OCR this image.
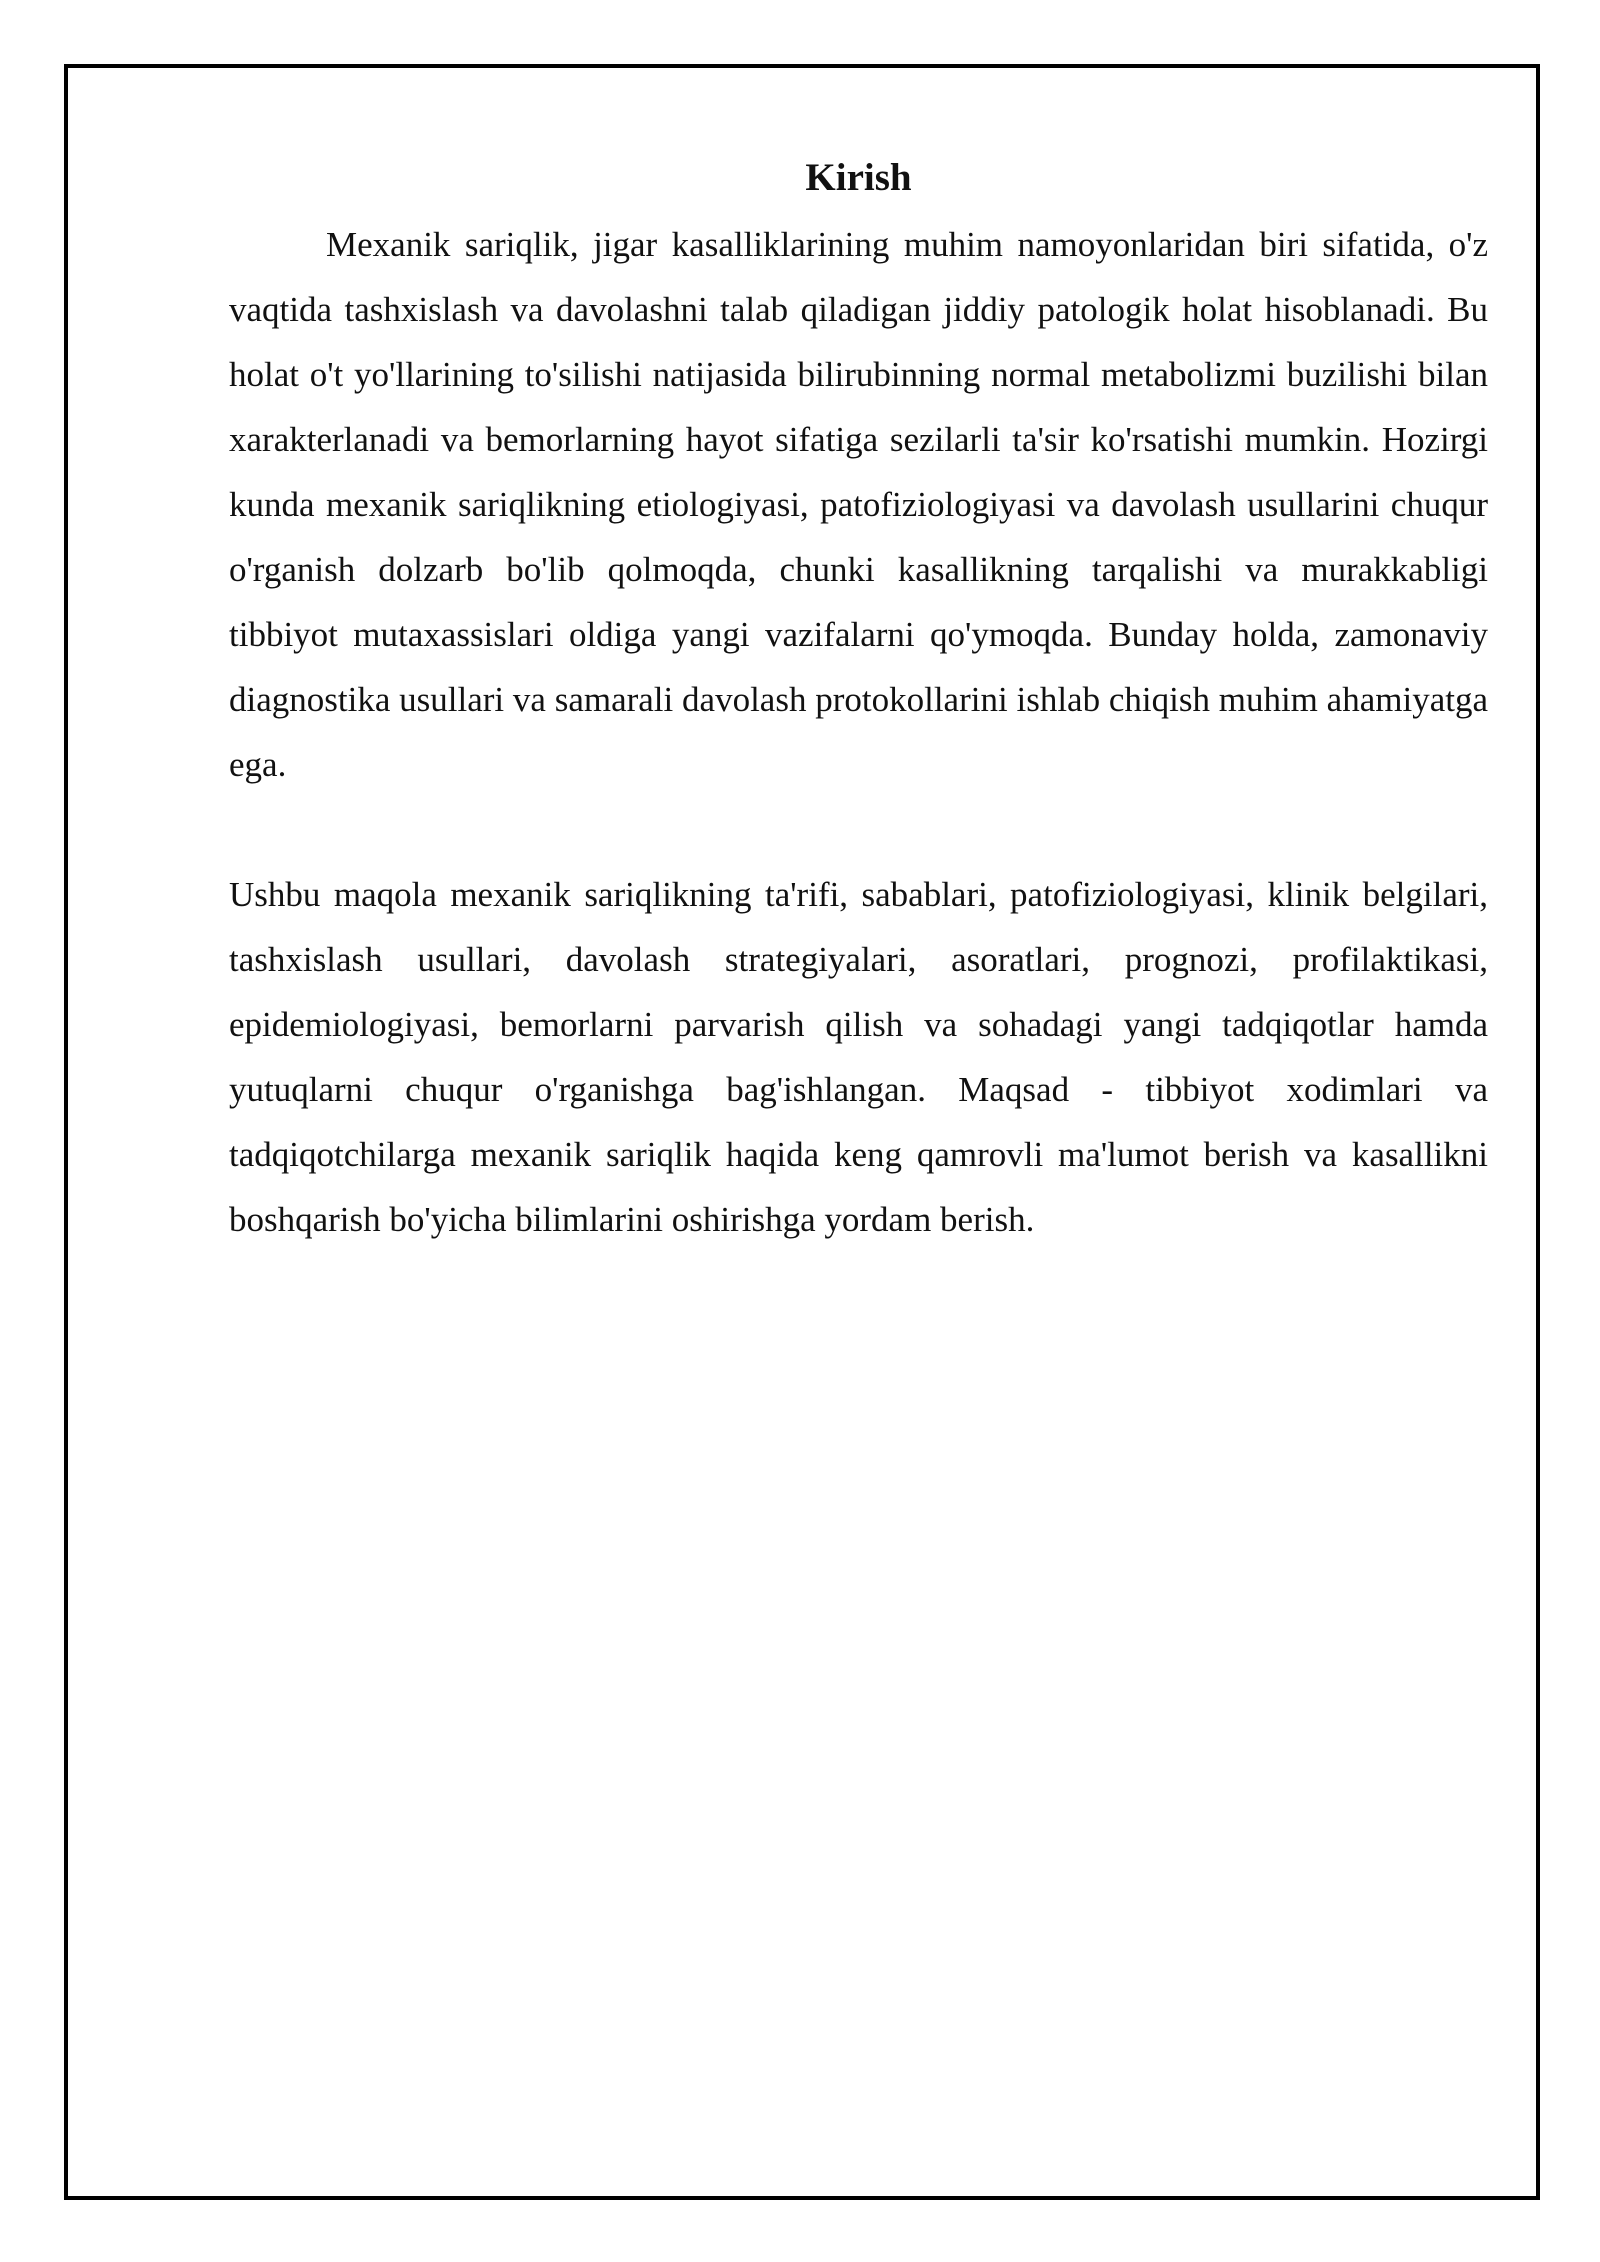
Kirish

Mexanik sariqlik, jigar kasalliklarining muhim namoyonlaridan biri sifatida, o'z vaqtida tashxislash va davolashni talab qiladigan jiddiy patologik holat hisoblanadi. Bu holat o't yo'llarining to'silishi natijasida bilirubinning normal metabolizmi buzilishi bilan xarakterlanadi va bemorlarning hayot sifatiga sezilarli ta'sir ko'rsatishi mumkin. Hozirgi kunda mexanik sariqlikning etiologiyasi, patofiziologiyasi va davolash usullarini chuqur o'rganish dolzarb bo'lib qolmoqda, chunki kasallikning tarqalishi va murakkabligi tibbiyot mutaxassislari oldiga yangi vazifalarni qo'ymoqda. Bunday holda, zamonaviy diagnostika usullari va samarali davolash protokollarini ishlab chiqish muhim ahamiyatga ega.

Ushbu maqola mexanik sariqlikning ta'rifi, sabablari, patofiziologiyasi, klinik belgilari, tashxislash usullari, davolash strategiyalari, asoratlari, prognozi, profilaktikasi, epidemiologiyasi, bemorlarni parvarish qilish va sohadagi yangi tadqiqotlar hamda yutuqlarni chuqur o'rganishga bag'ishlangan. Maqsad - tibbiyot xodimlari va tadqiqotchilarga mexanik sariqlik haqida keng qamrovli ma'lumot berish va kasallikni boshqarish bo'yicha bilimlarini oshirishga yordam berish.
